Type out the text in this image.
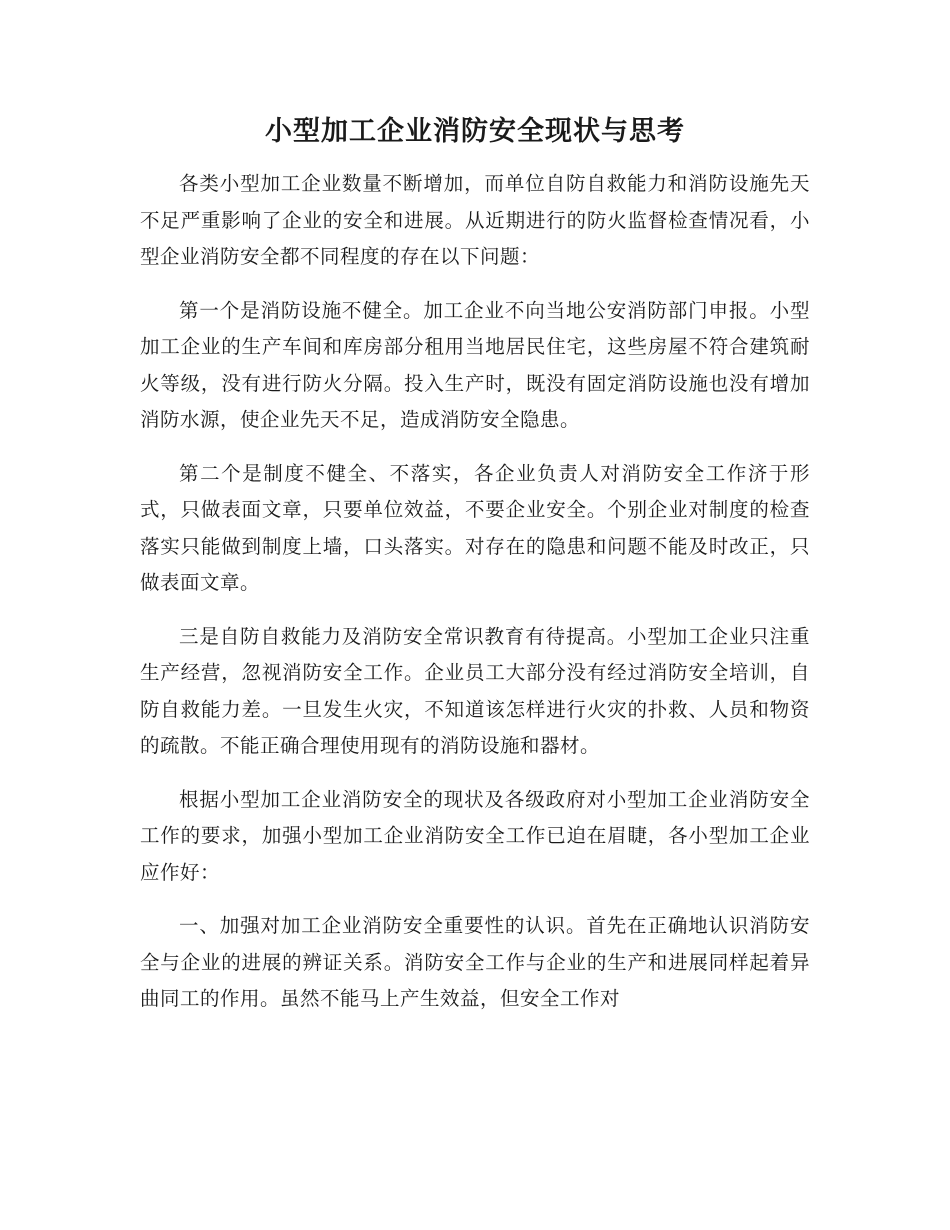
小型加工企业消防安全现状与思考

各类小型加工企业数量不断增加，而单位自防自救能力和消防设施先天不足严重影响了企业的安全和进展。从近期进行的防火监督检查情况看，小型企业消防安全都不同程度的存在以下问题：

第一个是消防设施不健全。加工企业不向当地公安消防部门申报。小型加工企业的生产车间和库房部分租用当地居民住宅，这些房屋不符合建筑耐火等级，没有进行防火分隔。投入生产时，既没有固定消防设施也没有增加消防水源，使企业先天不足，造成消防安全隐患。

第二个是制度不健全、不落实，各企业负责人对消防安全工作济于形式，只做表面文章，只要单位效益，不要企业安全。个别企业对制度的检查落实只能做到制度上墙，口头落实。对存在的隐患和问题不能及时改正，只做表面文章。

三是自防自救能力及消防安全常识教育有待提高。小型加工企业只注重生产经营，忽视消防安全工作。企业员工大部分没有经过消防安全培训，自防自救能力差。一旦发生火灾，不知道该怎样进行火灾的扑救、人员和物资的疏散。不能正确合理使用现有的消防设施和器材。

根据小型加工企业消防安全的现状及各级政府对小型加工企业消防安全工作的要求，加强小型加工企业消防安全工作已迫在眉睫，各小型加工企业应作好：

一、加强对加工企业消防安全重要性的认识。首先在正确地认识消防安全与企业的进展的辨证关系。消防安全工作与企业的生产和进展同样起着异曲同工的作用。虽然不能马上产生效益，但安全工作对
